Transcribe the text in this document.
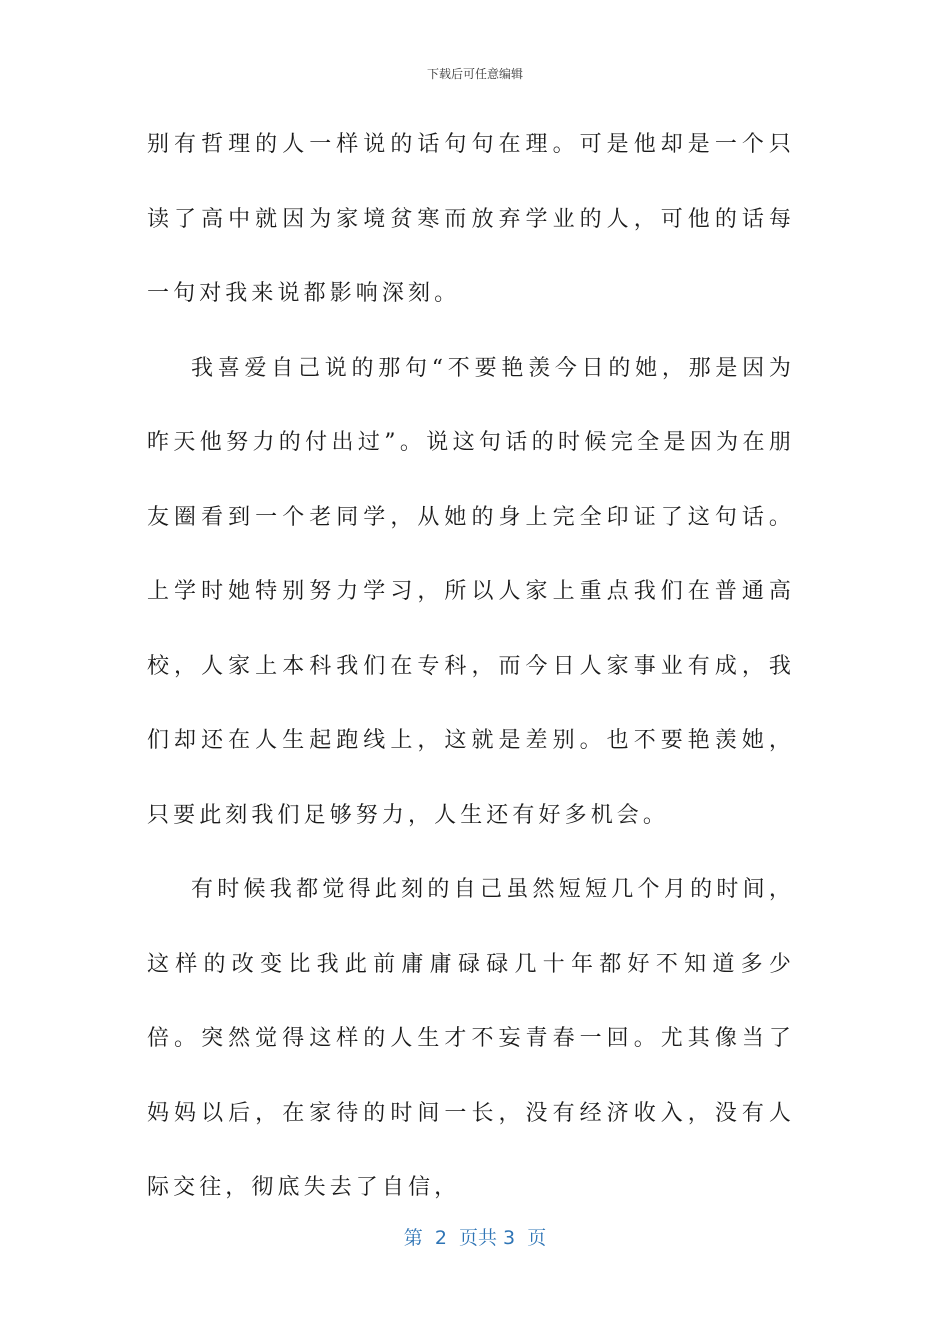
下载后可任意编辑

别有哲理的人一样说的话句句在理。可是他却是一个只读了高中就因为家境贫寒而放弃学业的人，可他的话每一句对我来说都影响深刻。

我喜爱自己说的那句“不要艳羡今日的她，那是因为昨天他努力的付出过”。说这句话的时候完全是因为在朋友圈看到一个老同学，从她的身上完全印证了这句话。上学时她特别努力学习，所以人家上重点我们在普通高校，人家上本科我们在专科，而今日人家事业有成，我们却还在人生起跑线上，这就是差别。也不要艳羡她，只要此刻我们足够努力，人生还有好多机会。

有时候我都觉得此刻的自己虽然短短几个月的时间，这样的改变比我此前庸庸碌碌几十年都好不知道多少倍。突然觉得这样的人生才不妄青春一回。尤其像当了妈妈以后，在家待的时间一长，没有经济收入，没有人际交往，彻底失去了自信，

第  2  页共 3  页
